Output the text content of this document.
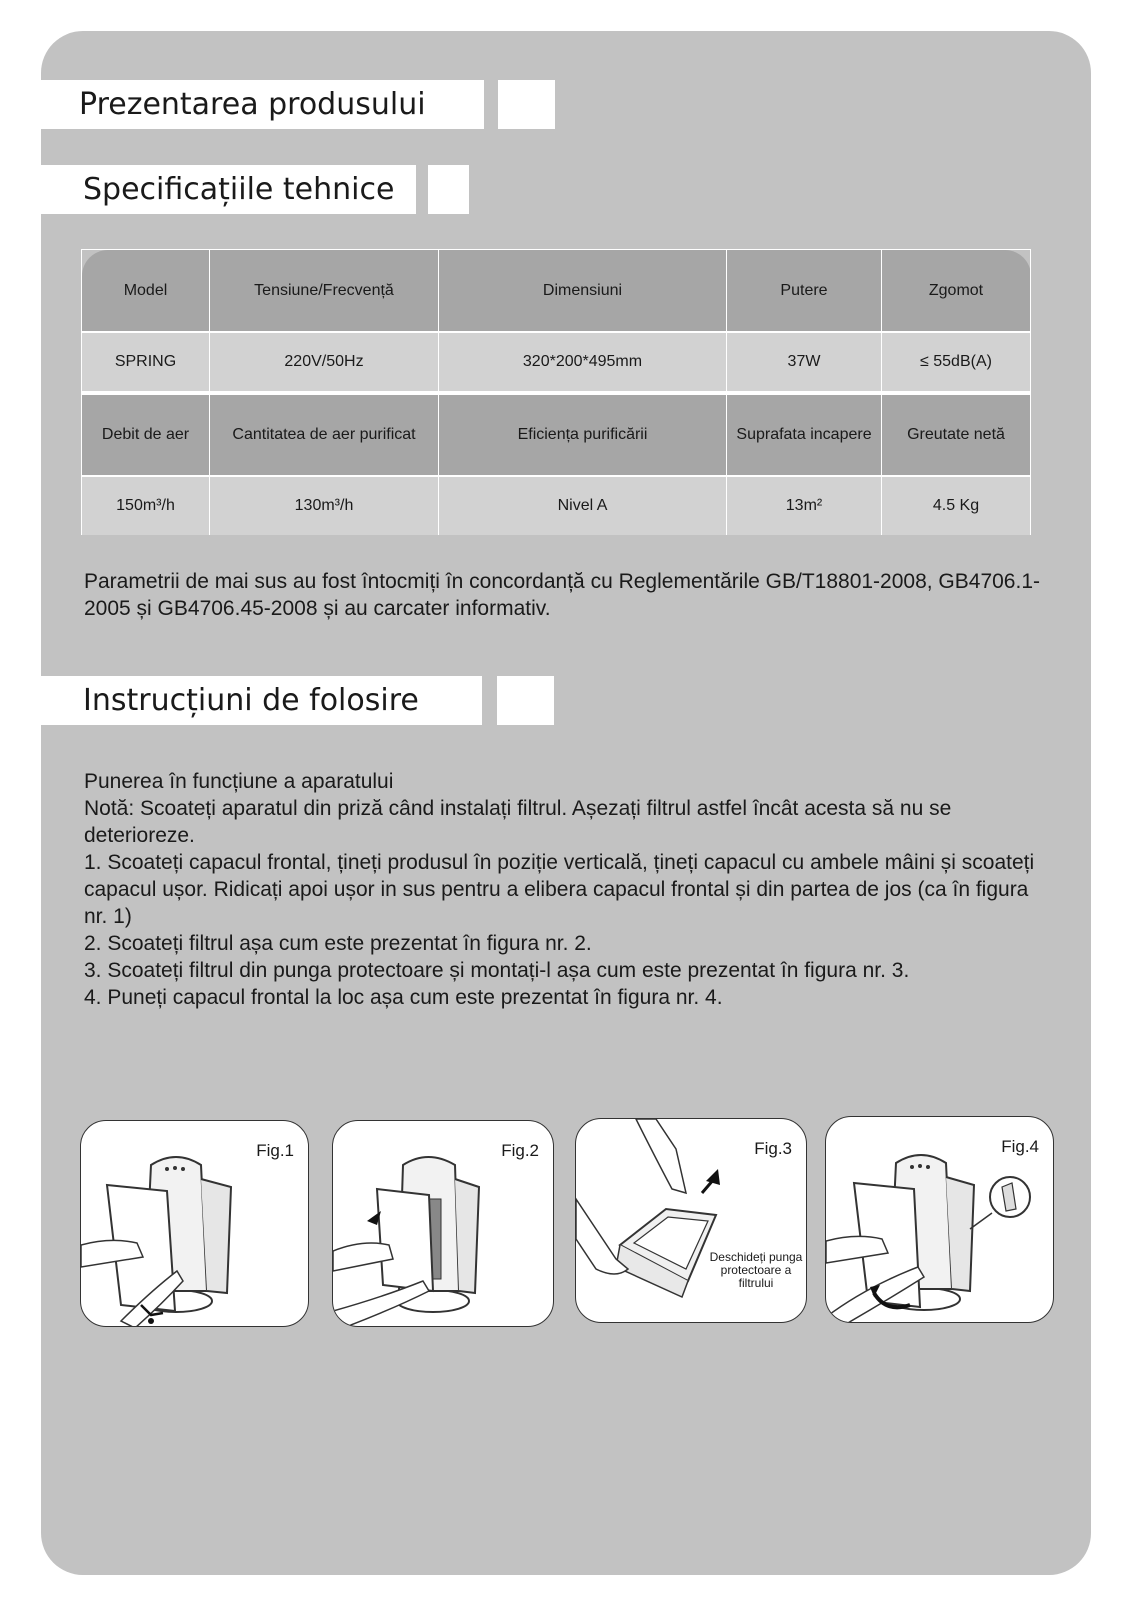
Prezentarea produsului
Specificațiile tehnice
Model	Tensiune/Frecvență	Dimensiuni	Putere	Zgomot
SPRING	220V/50Hz	320*200*495mm	37W	≤ 55dB(A)
Debit de aer	Cantitatea de aer purificat	Eficiența purificării	Suprafata incapere	Greutate netă
150m³/h	130m³/h	Nivel A	13m²	4.5 Kg

Parametrii de mai sus au fost întocmiți în concordanță cu Reglementările GB/T18801-2008, GB4706.1-2005 și GB4706.45-2008 și au carcater informativ.

Instrucțiuni de folosire
Punerea în funcțiune a aparatului
Notă: Scoateți aparatul din priză când instalați filtrul. Așezați filtrul astfel încât acesta să nu se deterioreze.
1. Scoateți capacul frontal, țineți produsul în poziție verticală, țineți capacul cu ambele mâini și scoateți capacul ușor. Ridicați apoi ușor in sus pentru a elibera capacul frontal și din partea de jos (ca în figura nr. 1)
2. Scoateți filtrul așa cum este prezentat în figura nr. 2.
3. Scoateți filtrul din punga protectoare și montați-l așa cum este prezentat în figura nr. 3.
4. Puneți capacul frontal la loc așa cum este prezentat în figura nr. 4.
Fig.1	Fig.2	Fig.3
Deschideți punga protectoare a filtrului
Fig.4
